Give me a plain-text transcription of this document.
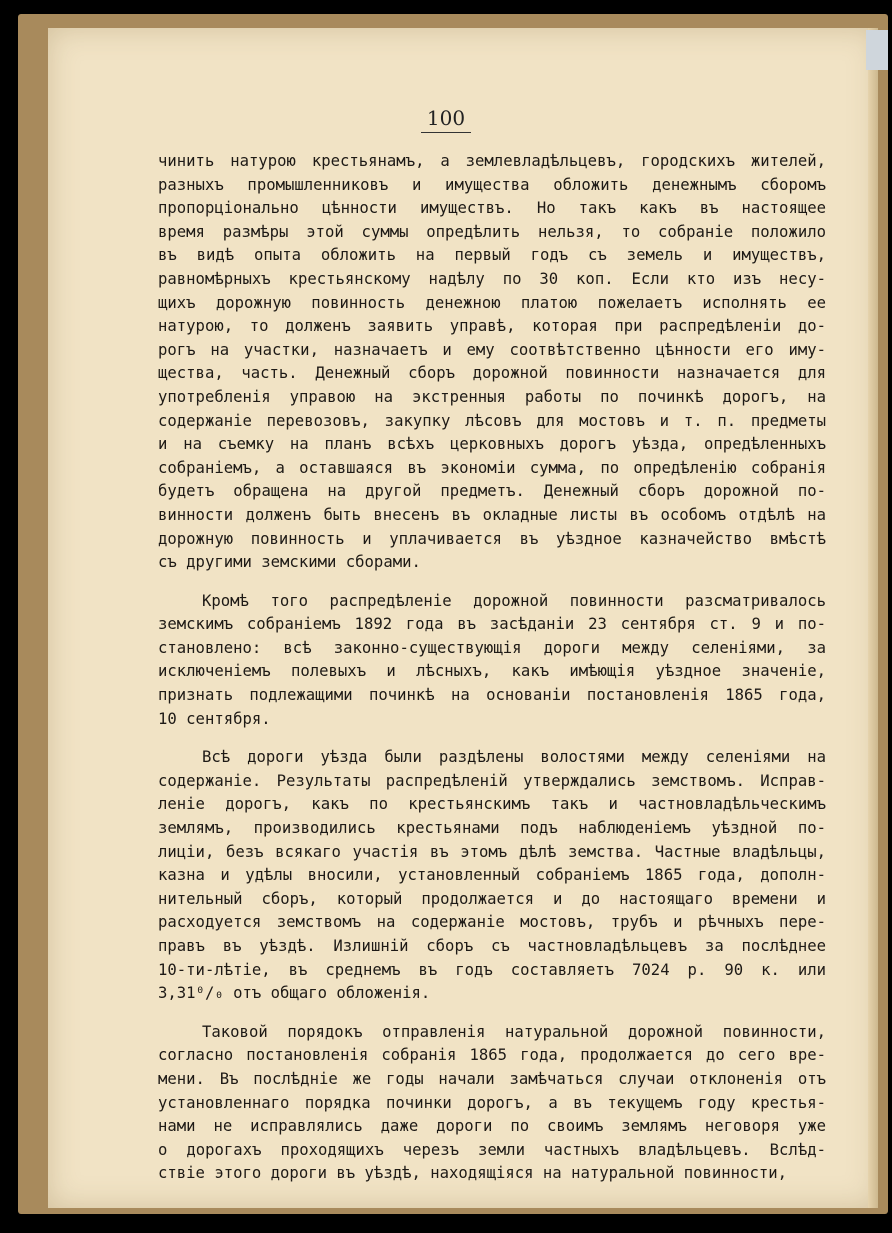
100
чинить натурою крестьянамъ, а землевладѣльцевъ, городскихъ жителей,
разныхъ промышленниковъ и имущества обложить денежнымъ сборомъ
пропорціонально цѣнности имуществъ. Но такъ какъ въ настоящее
время размѣры этой суммы опредѣлить нельзя, то собраніе положило
въ видѣ опыта обложить на первый годъ съ земель и имуществъ,
равномѣрныхъ крестьянскому надѣлу по 30 коп. Если кто изъ несу-
щихъ дорожную повинность денежною платою пожелаетъ исполнять ее
натурою, то долженъ заявить управѣ, которая при распредѣленіи до-
рогъ на участки, назначаетъ и ему соотвѣтственно цѣнности его иму-
щества, часть. Денежный сборъ дорожной повинности назначается для
употребленія управою на экстренныя работы по починкѣ дорогъ, на
содержаніе перевозовъ, закупку лѣсовъ для мостовъ и т. п. предметы
и на съемку на планъ всѣхъ церковныхъ дорогъ уѣзда, опредѣленныхъ
собраніемъ, а оставшаяся въ экономіи сумма, по опредѣленію собранія
будетъ обращена на другой предметъ. Денежный сборъ дорожной по-
винности долженъ быть внесенъ въ окладные листы въ особомъ отдѣлѣ на
дорожную повинность и уплачивается въ уѣздное казначейство вмѣстѣ
съ другими земскими сборами.
Кромѣ того распредѣленіе дорожной повинности разсматривалось
земскимъ собраніемъ 1892 года въ засѣданіи 23 сентября ст. 9 и по-
становлено: всѣ законно-существующія дороги между селеніями, за
исключеніемъ полевыхъ и лѣсныхъ, какъ имѣющія уѣздное значеніе,
признать подлежащими починкѣ на основаніи постановленія 1865 года,
10 сентября.
Всѣ дороги уѣзда были раздѣлены волостями между селеніями на
содержаніе. Результаты распредѣленій утверждались земствомъ. Исправ-
леніе дорогъ, какъ по крестьянскимъ такъ и частновладѣльческимъ
землямъ, производились крестьянами подъ наблюденіемъ уѣздной по-
лиціи, безъ всякаго участія въ этомъ дѣлѣ земства. Частные владѣльцы,
казна и удѣлы вносили, установленный собраніемъ 1865 года, дополн-
нительный сборъ, который продолжается и до настоящаго времени и
расходуется земствомъ на содержаніе мостовъ, трубъ и рѣчныхъ пере-
правъ въ уѣздѣ. Излишній сборъ съ частновладѣльцевъ за послѣднее
10-ти-лѣтіе, въ среднемъ въ годъ составляетъ 7024 р. 90 к. или
3,31⁰/₀ отъ общаго обложенія.
Таковой порядокъ отправленія натуральной дорожной повинности,
согласно постановленія собранія 1865 года, продолжается до сего вре-
мени. Въ послѣдніе же годы начали замѣчаться случаи отклоненія отъ
установленнаго порядка починки дорогъ, а въ текущемъ году крестья-
нами не исправлялись даже дороги по своимъ землямъ неговоря уже
о дорогахъ проходящихъ черезъ земли частныхъ владѣльцевъ. Вслѣд-
ствіе этого дороги въ уѣздѣ, находящіяся на натуральной повинности,
